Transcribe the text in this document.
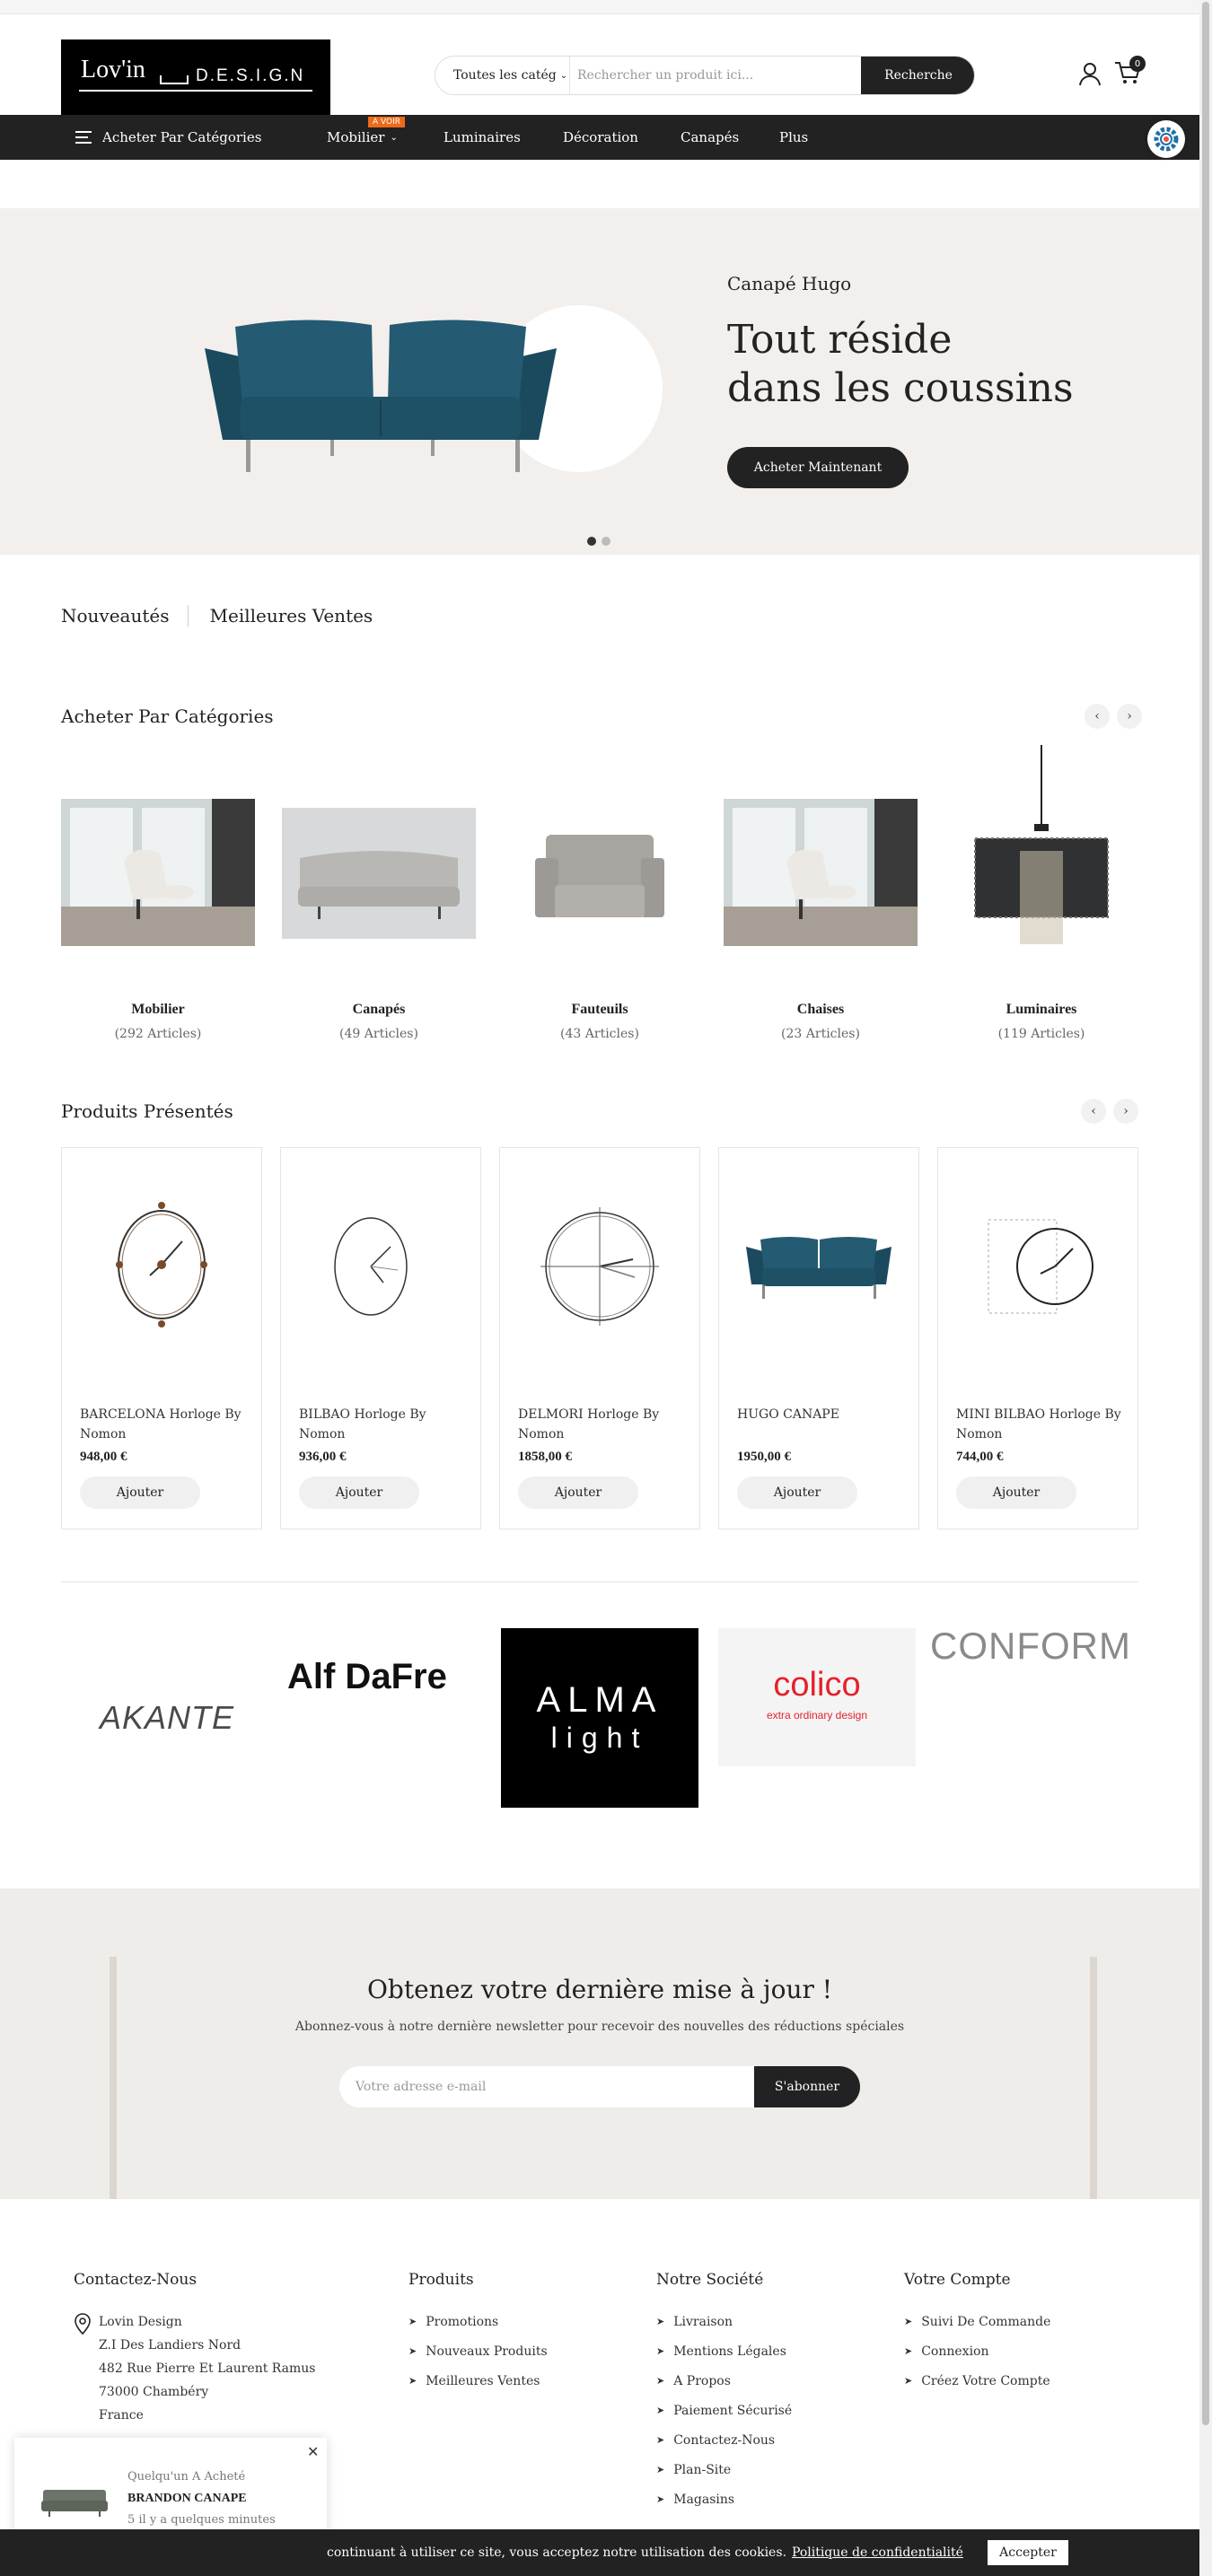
Lov'in	D.E.S.I.G.N	Toutes les catég ⌄
Rechercher un produit ici...	Recherche
0
Acheter Par Catégories	Mobilier ⌄
A VOIR
Luminaires	Décoration	Canapés	Plus
Canapé Hugo
Tout réside
dans les coussins
Acheter Maintenant
Nouveautés	Meilleures Ventes
Acheter Par Catégories	‹	›
Mobilier
(292 Articles)
Canapés
(49 Articles)
Fauteuils
(43 Articles)
Chaises
(23 Articles)
Luminaires
(119 Articles)
Produits Présentés	‹	›
BARCELONA Horloge By Nomon
948,00 €
Ajouter
BILBAO Horloge By Nomon
936,00 €
Ajouter
DELMORI Horloge By Nomon
1858,00 €
Ajouter
HUGO CANAPE
1950,00 €
Ajouter
MINI BILBAO Horloge By Nomon
744,00 €
Ajouter
AKANTE
Alf DaFre
ALMA
light
colico
extra ordinary design
CONFORM
Obtenez votre dernière mise à jour !
Abonnez-vous à notre dernière newsletter pour recevoir des nouvelles des réductions spéciales
Votre adresse e-mail
S'abonner
Contactez-Nous
Lovin Design
Z.I Des Landiers Nord
482 Rue Pierre Et Laurent Ramus
73000 Chambéry
France
Produits
➤ Promotions
➤ Nouveaux Produits
➤ Meilleures Ventes
Notre Société
➤ Livraison
➤ Mentions Légales
➤ A Propos
➤ Paiement Sécurisé
➤ Contactez-Nous
➤ Plan-Site
➤ Magasins
Votre Compte
➤ Suivi De Commande
➤ Connexion
➤ Créez Votre Compte
✕
Quelqu'un A Acheté
BRANDON CANAPE
5 il y a quelques minutes
continuant à utiliser ce site, vous acceptez notre utilisation des cookies. Politique de confidentialité	Accepter
